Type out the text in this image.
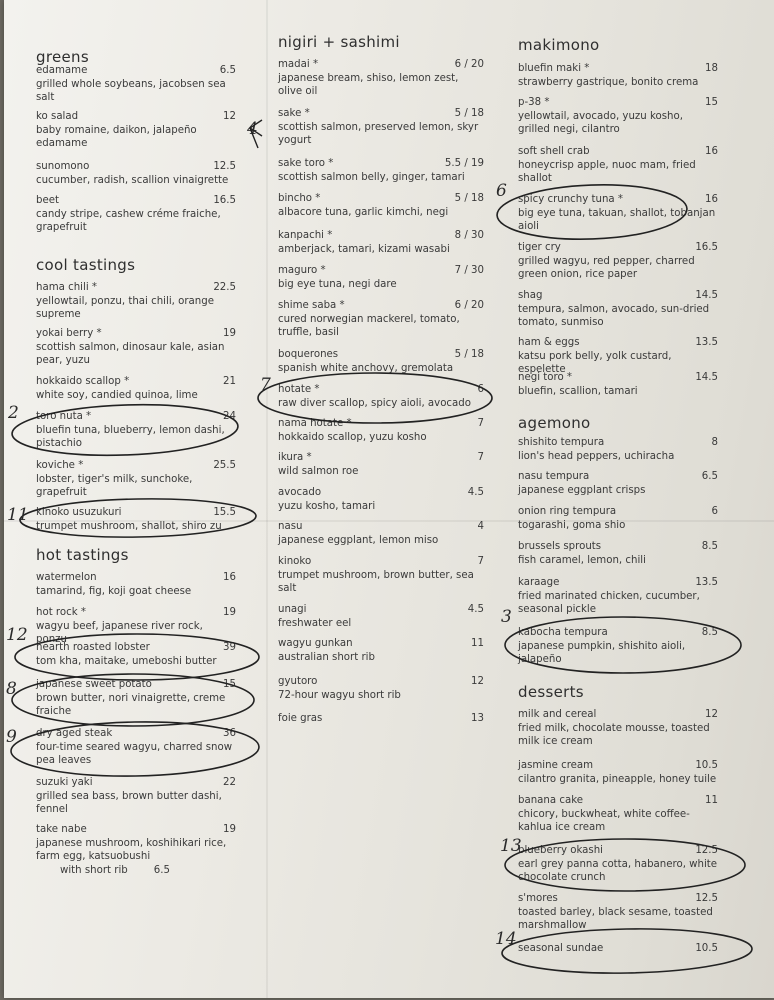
greens
edamame	6.5
grilled whole soybeans, jacobsen sea salt
ko salad	12
baby romaine, daikon, jalapeño edamame
sunomono	12.5
cucumber, radish, scallion vinaigrette
beet	16.5
candy stripe, cashew créme fraiche, grapefruit
cool tastings
hama chili *	22.5
yellowtail, ponzu, thai chili, orange supreme
yokai berry *	19
scottish salmon, dinosaur kale, asian pear, yuzu
hokkaido scallop *	21
white soy, candied quinoa, lime
toro nuta *	24
bluefin tuna, blueberry, lemon dashi, pistachio
koviche *	25.5
lobster, tiger's milk, sunchoke, grapefruit
kinoko usuzukuri	15.5
trumpet mushroom, shallot, shiro zu
hot tastings
watermelon	16
tamarind, fig, koji goat cheese
hot rock *	19
wagyu beef, japanese river rock, ponzu
hearth roasted lobster	39
tom kha, maitake, umeboshi butter
japanese sweet potato	15
brown butter, nori vinaigrette, creme fraiche
dry aged steak	36
four-time seared wagyu, charred snow pea leaves
suzuki yaki	22
grilled sea bass, brown butter dashi, fennel
take nabe	19
japanese mushroom, koshihikari rice, farm egg, katsuobushi
with short rib	6.5
nigiri + sashimi
madai *	6 / 20
japanese bream, shiso, lemon zest, olive oil
sake *	5 / 18
scottish salmon, preserved lemon, skyr yogurt
sake toro *	5.5 / 19
scottish salmon belly, ginger, tamari
bincho *	5 / 18
albacore tuna, garlic kimchi, negi
kanpachi *	8 / 30
amberjack, tamari, kizami wasabi
maguro *	7 / 30
big eye tuna, negi dare
shime saba *	6 / 20
cured norwegian mackerel, tomato, truffle, basil
boquerones	5 / 18
spanish white anchovy, gremolata
hotate *	6
raw diver scallop, spicy aioli, avocado
nama hotate *	7
hokkaido scallop, yuzu kosho
ikura *	7
wild salmon roe
avocado	4.5
yuzu kosho, tamari
nasu	4
japanese eggplant, lemon miso
kinoko	7
trumpet mushroom, brown butter, sea salt
unagi	4.5
freshwater eel
wagyu gunkan	11
australian short rib
gyutoro	12
72-hour wagyu short rib
foie gras	13
makimono
bluefin maki *	18
strawberry gastrique, bonito crema
p-38 *	15
yellowtail, avocado, yuzu kosho, grilled negi, cilantro
soft shell crab	16
honeycrisp apple, nuoc mam, fried shallot
spicy crunchy tuna *	16
big eye tuna, takuan, shallot, tobanjan aioli
tiger cry	16.5
grilled wagyu, red pepper, charred green onion, rice paper
shag	14.5
tempura, salmon, avocado, sun-dried tomato, sunmiso
ham & eggs	13.5
katsu pork belly, yolk custard, espelette
negi toro *	14.5
bluefin, scallion, tamari
agemono
shishito tempura	8
lion's head peppers, uchiracha
nasu tempura	6.5
japanese eggplant crisps
onion ring tempura	6
togarashi, goma shio
brussels sprouts	8.5
fish caramel, lemon, chili
karaage	13.5
fried marinated chicken, cucumber, seasonal pickle
kabocha tempura	8.5
japanese pumpkin, shishito aioli, jalapeño
desserts
milk and cereal	12
fried milk, chocolate mousse, toasted milk ice cream
jasmine cream	10.5
cilantro granita, pineapple, honey tuile
banana cake	11
chicory, buckwheat, white coffee-kahlua ice cream
blueberry okashi	12.5
earl grey panna cotta, habanero, white chocolate crunch
s'mores	12.5
toasted barley, black sesame, toasted marshmallow
seasonal sundae	10.5
2
11
12
8
9
4
7
6
3
13
14
